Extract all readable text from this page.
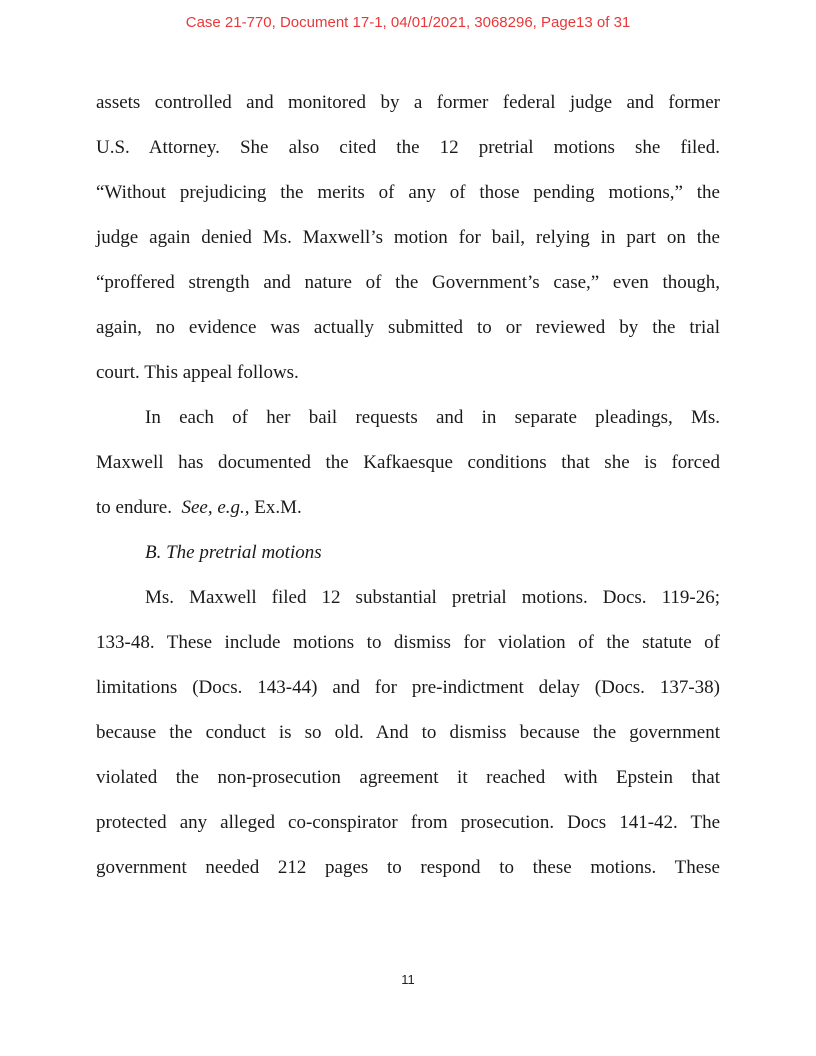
Case 21-770, Document 17-1, 04/01/2021, 3068296, Page13 of 31
assets controlled and monitored by a former federal judge and former
U.S. Attorney. She also cited the 12 pretrial motions she filed.
“Without prejudicing the merits of any of those pending motions,” the
judge again denied Ms. Maxwell’s motion for bail, relying in part on the
“proffered strength and nature of the Government’s case,” even though,
again, no evidence was actually submitted to or reviewed by the trial
court. This appeal follows.
In each of her bail requests and in separate pleadings, Ms.
Maxwell has documented the Kafkaesque conditions that she is forced
to endure.  See, e.g., Ex.M.
B. The pretrial motions
Ms. Maxwell filed 12 substantial pretrial motions. Docs. 119-26;
133-48. These include motions to dismiss for violation of the statute of
limitations (Docs. 143-44) and for pre-indictment delay (Docs. 137-38)
because the conduct is so old. And to dismiss because the government
violated the non-prosecution agreement it reached with Epstein that
protected any alleged co-conspirator from prosecution. Docs 141-42. The
government needed 212 pages to respond to these motions. These
11
